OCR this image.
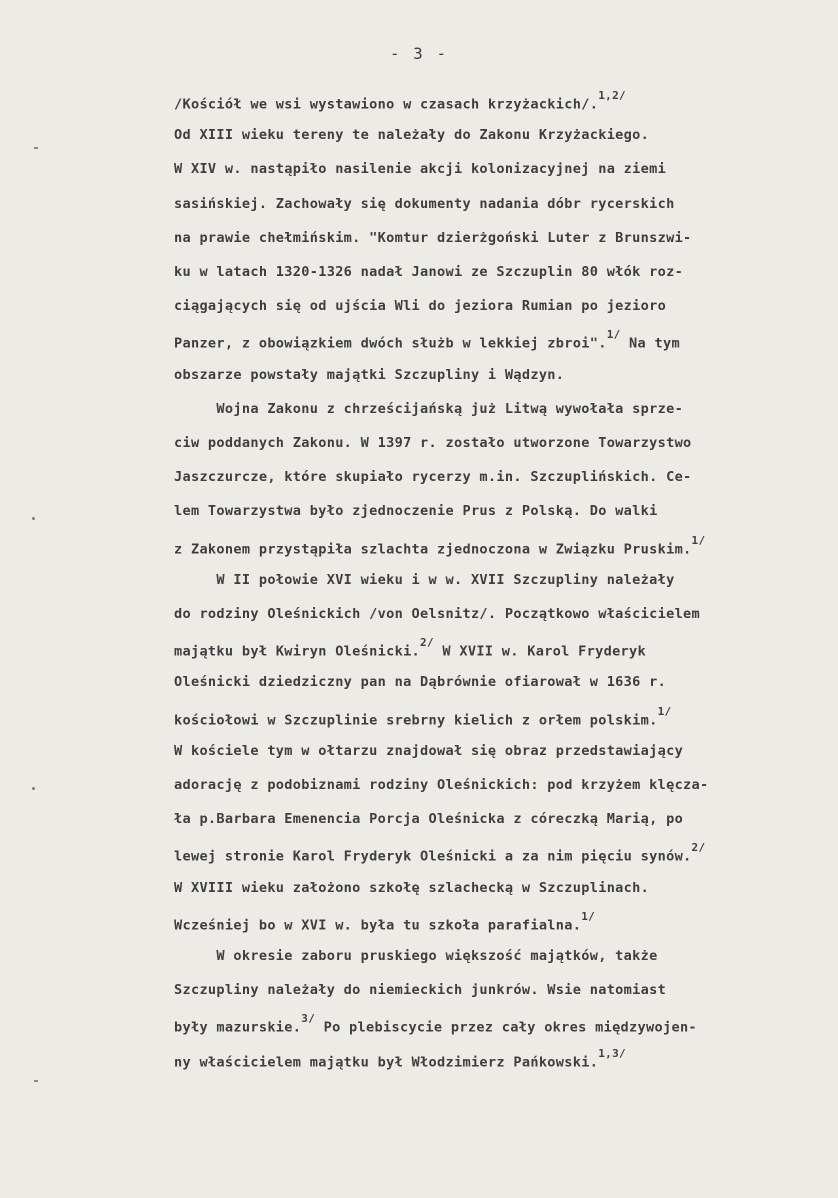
- 3 -
/Kościół we wsi wystawiono w czasach krzyżackich/.$^{1,2/}$
Od XIII wieku tereny te należały do Zakonu Krzyżackiego.
W XIV w. nastąpiło nasilenie akcji kolonizacyjnej na ziemi
sasińskiej. Zachowały się dokumenty nadania dóbr rycerskich
na prawie chełmińskim. "Komtur dzierżgoński Luter z Brunszwi-
ku w latach 1320-1326 nadał Janowi ze Szczuplin 80 włók roz-
ciągających się od ujścia Wli do jeziora Rumian po jezioro
Panzer, z obowiązkiem dwóch służb w lekkiej zbroi".$^{1/}$ Na tym
obszarze powstały majątki Szczupliny i Wądzyn.
Wojna Zakonu z chrześcijańską już Litwą wywołała sprze-
ciw poddanych Zakonu. W 1397 r. zostało utworzone Towarzystwo
Jaszczurcze, które skupiało rycerzy m.in. Szczuplińskich. Ce-
lem Towarzystwa było zjednoczenie Prus z Polską. Do walki
z Zakonem przystąpiła szlachta zjednoczona w Związku Pruskim.$^{1/}$
W II połowie XVI wieku i w w. XVII Szczupliny należały
do rodziny Oleśnickich /von Oelsnitz/. Początkowo właścicielem
majątku był Kwiryn Oleśnicki.$^{2/}$ W XVII w. Karol Fryderyk
Oleśnicki dziedziczny pan na Dąbrównie ofiarował w 1636 r.
kościołowi w Szczuplinie srebrny kielich z orłem polskim.$^{1/}$
W kościele tym w ołtarzu znajdował się obraz przedstawiający
adorację z podobiznami rodziny Oleśnickich: pod krzyżem klęcza-
ła p.Barbara Emenencia Porcja Oleśnicka z córeczką Marią, po
lewej stronie Karol Fryderyk Oleśnicki a za nim pięciu synów.$^{2/}$
W XVIII wieku założono szkołę szlachecką w Szczuplinach.
Wcześniej bo w XVI w. była tu szkoła parafialna.$^{1/}$
W okresie zaboru pruskiego większość majątków, także
Szczupliny należały do niemieckich junkrów. Wsie natomiast
były mazurskie.$^{3/}$ Po plebiscycie przez cały okres międzywojen-
ny właścicielem majątku był Włodzimierz Pańkowski.$^{1,3/}$
